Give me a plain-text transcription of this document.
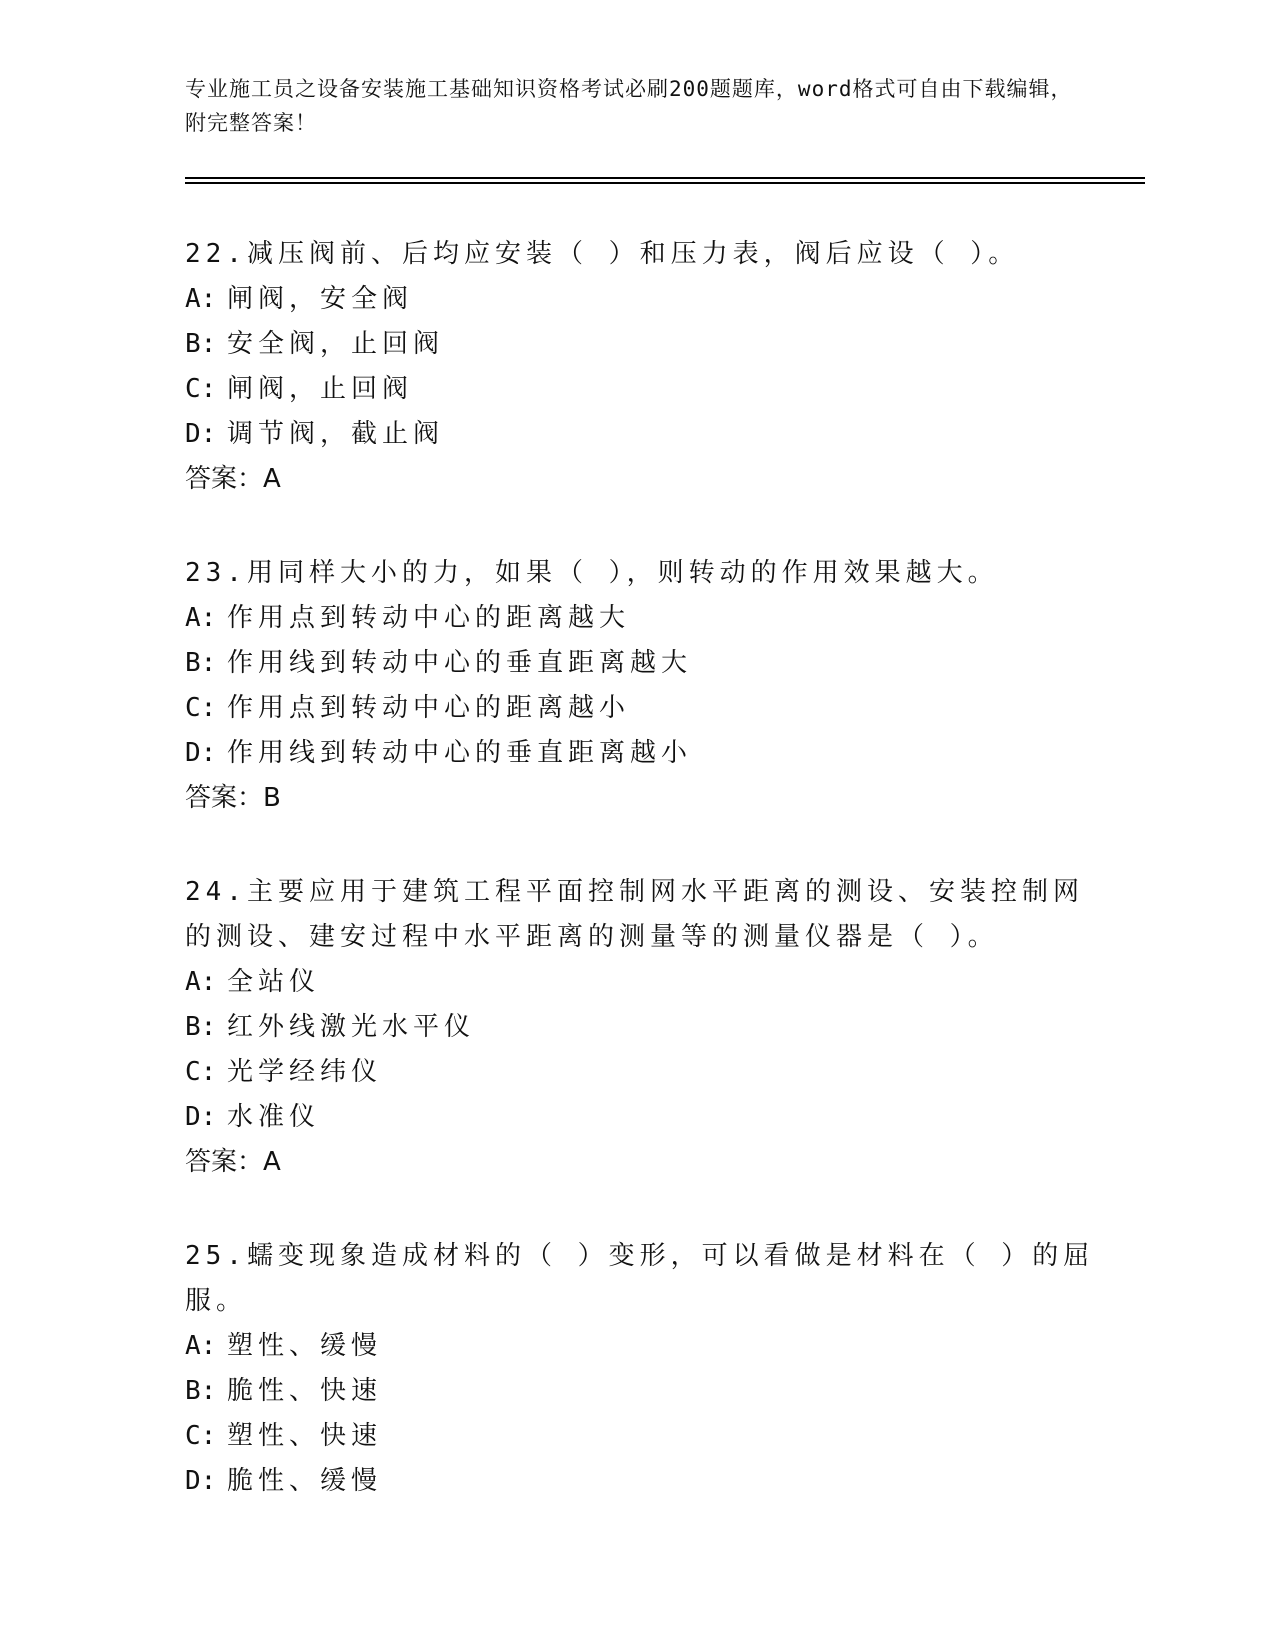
专业施工员之设备安装施工基础知识资格考试必刷200题题库，word格式可自由下载编辑，附完整答案！
22.减压阀前、后均应安装（ ）和压力表，阀后应设（ ）。
A: 闸阀，安全阀
B: 安全阀，止回阀
C: 闸阀，止回阀
D: 调节阀，截止阀
答案：A
23.用同样大小的力，如果（ ），则转动的作用效果越大。
A: 作用点到转动中心的距离越大
B: 作用线到转动中心的垂直距离越大
C: 作用点到转动中心的距离越小
D: 作用线到转动中心的垂直距离越小
答案：B
24.主要应用于建筑工程平面控制网水平距离的测设、安装控制网的测设、建安过程中水平距离的测量等的测量仪器是（ ）。
A: 全站仪
B: 红外线激光水平仪
C: 光学经纬仪
D: 水准仪
答案：A
25.蠕变现象造成材料的（ ）变形，可以看做是材料在（ ）的屈服。
A: 塑性、缓慢
B: 脆性、快速
C: 塑性、快速
D: 脆性、缓慢
